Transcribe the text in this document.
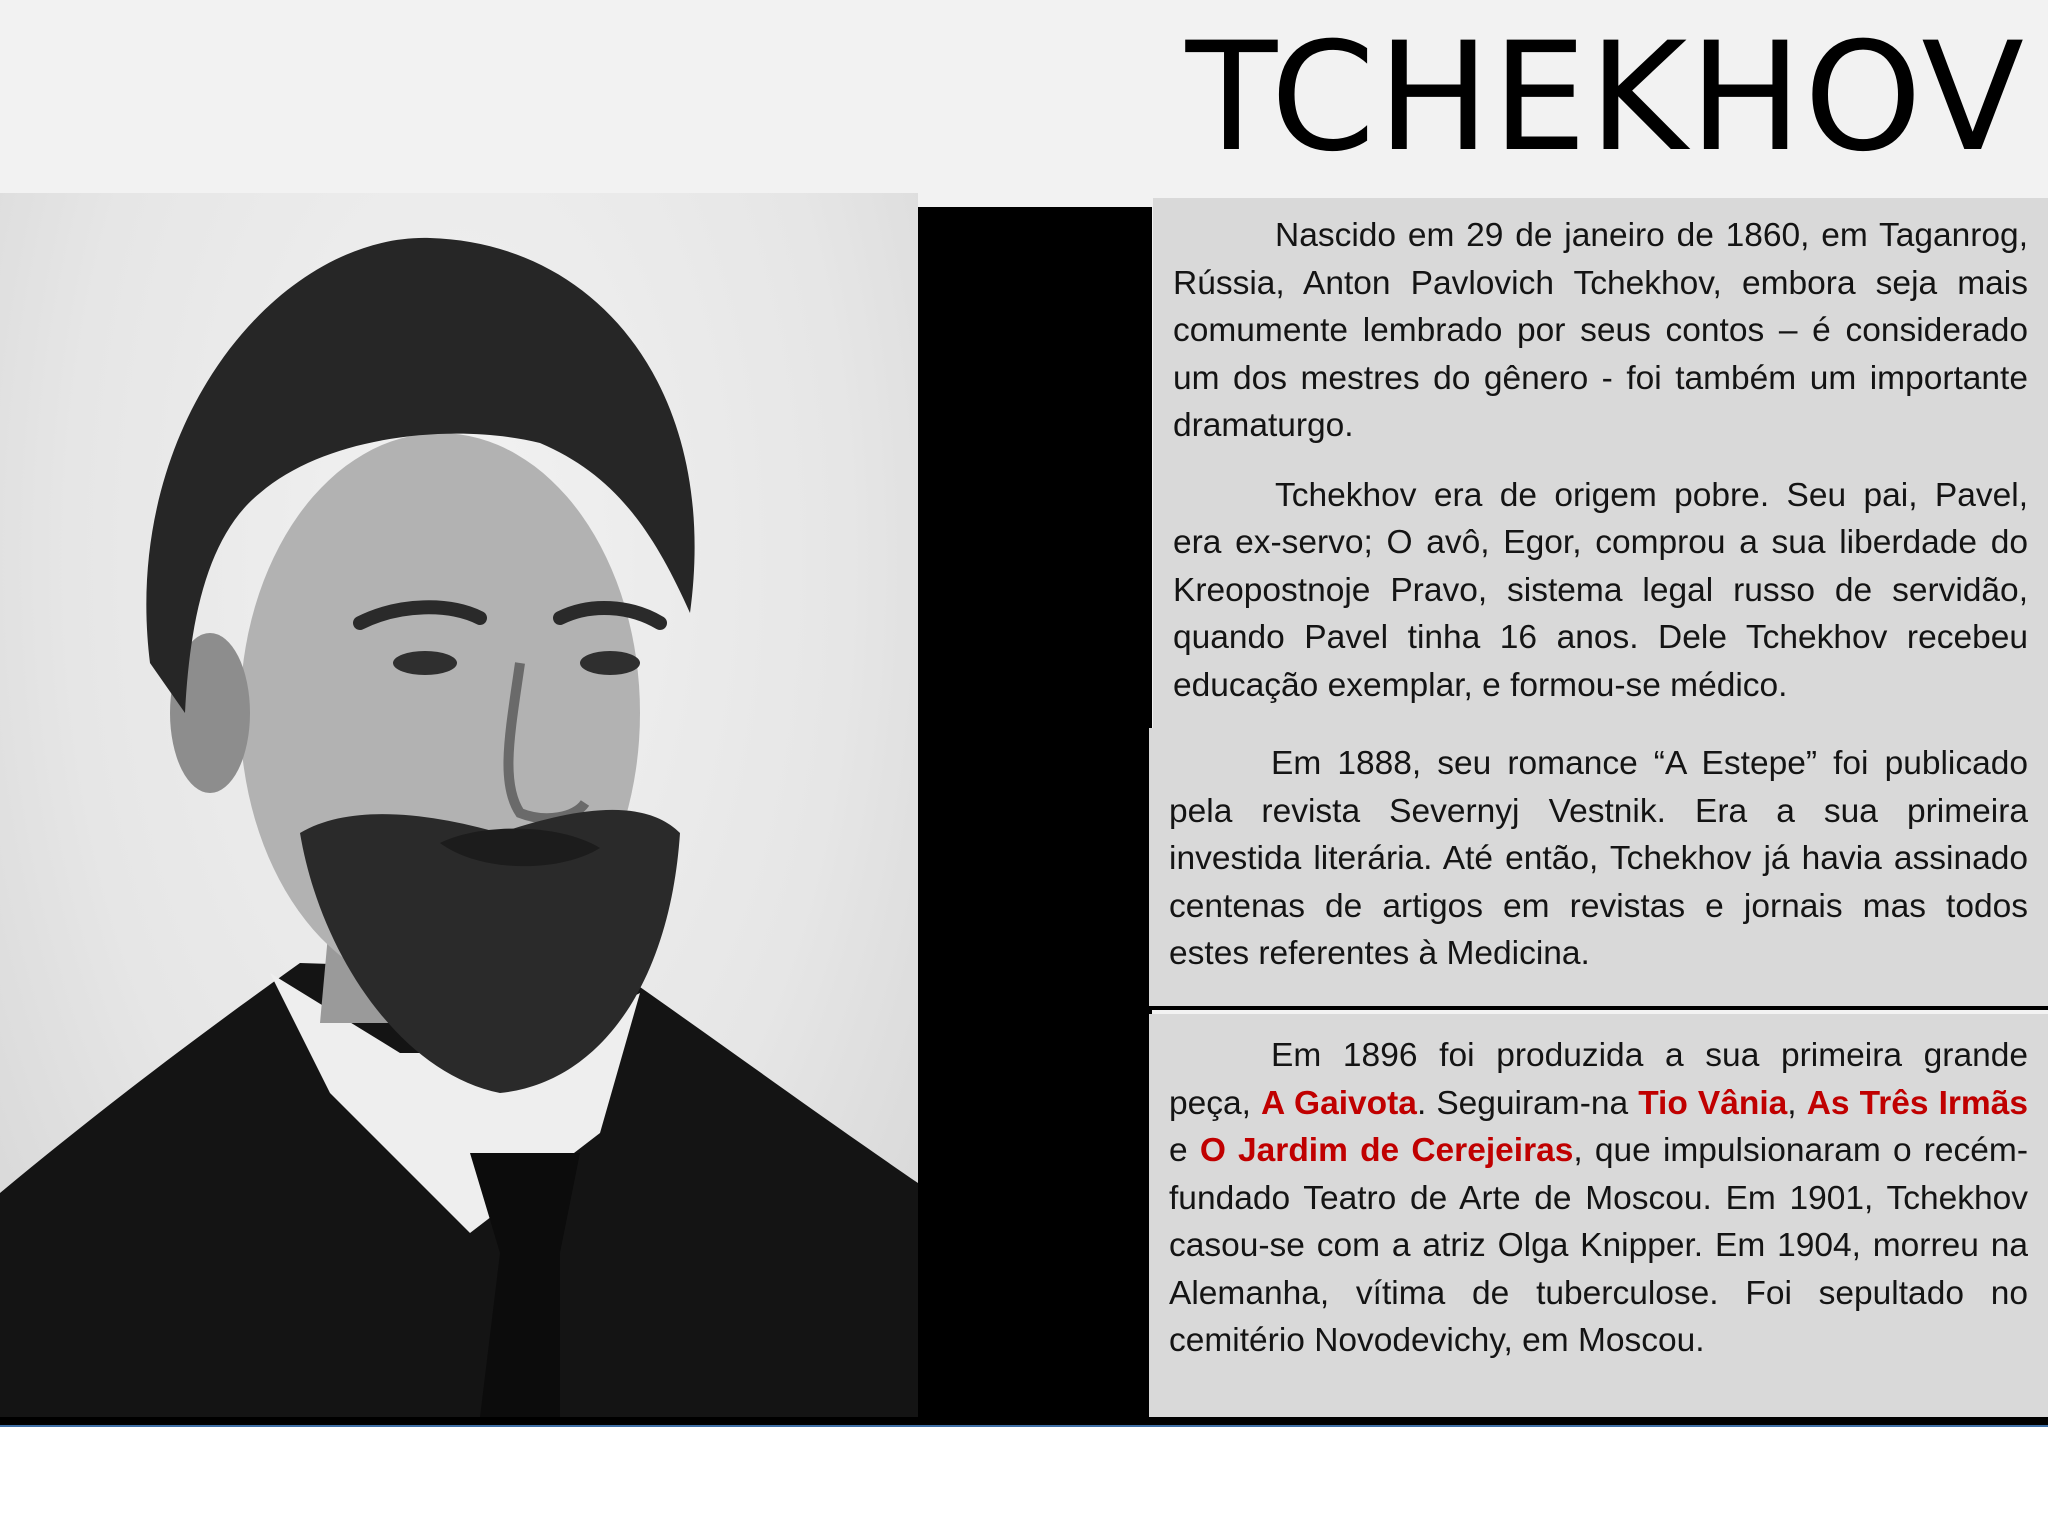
TCHEKHOV

Nascido em 29 de janeiro de 1860, em Taganrog, Rússia, Anton Pavlovich Tchekhov, embora seja mais comumente lembrado por seus contos – é considerado um dos mestres do gênero - foi também um importante dramaturgo.

Tchekhov era de origem pobre. Seu pai, Pavel, era ex-servo; O avô, Egor, comprou a sua liberdade do Kreopostnoje Pravo, sistema legal russo de servidão, quando Pavel tinha 16 anos. Dele Tchekhov recebeu educação exemplar, e formou-se médico.

Em 1888, seu romance “A Estepe” foi publicado pela revista Severnyj Vestnik. Era a sua primeira investida literária. Até então, Tchekhov já havia assinado centenas de artigos em revistas e jornais mas todos estes referentes à Medicina.

Em 1896 foi produzida a sua primeira grande peça, A Gaivota. Seguiram-na Tio Vânia, As Três Irmãs e O Jardim de Cerejeiras, que impulsionaram o recém-fundado Teatro de Arte de Moscou. Em 1901, Tchekhov casou-se com a atriz Olga Knipper. Em 1904, morreu na Alemanha, vítima de tuberculose. Foi sepultado no cemitério Novodevichy, em Moscou.
